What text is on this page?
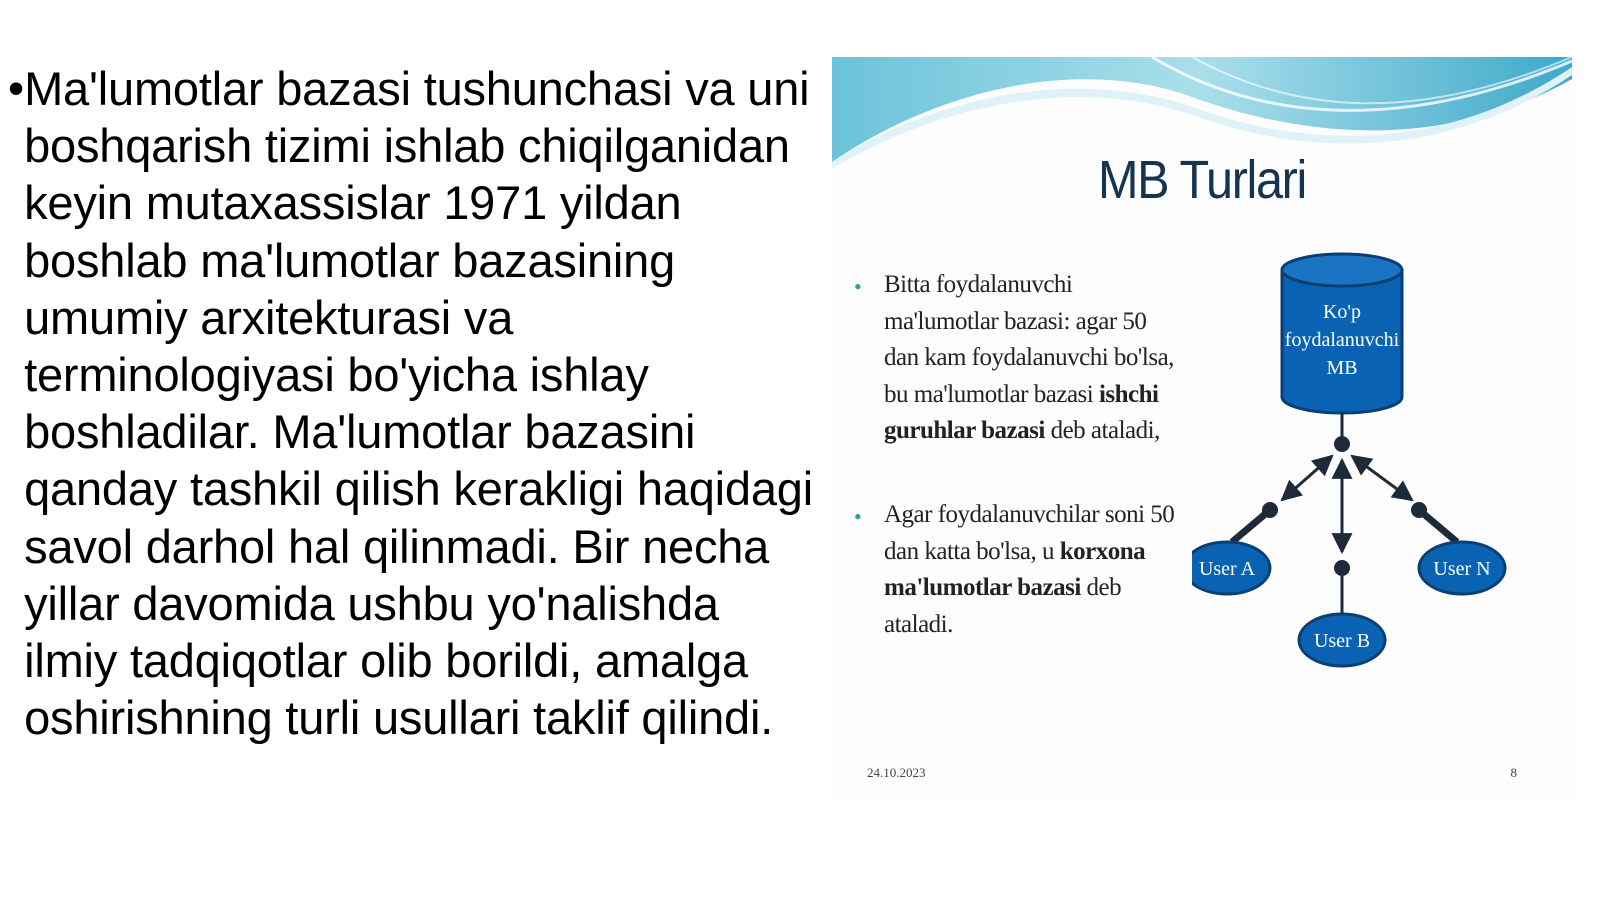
• Ma'lumotlar bazasi tushunchasi va uni boshqarish tizimi ishlab chiqilganidan keyin mutaxassislar 1971 yildan boshlab ma'lumotlar bazasining umumiy arxitekturasi va terminologiyasi bo'yicha ishlay boshladilar. Ma'lumotlar bazasini qanday tashkil qilish kerakligi haqidagi savol darhol hal qilinmadi. Bir necha yillar davomida ushbu yo'nalishda ilmiy tadqiqotlar olib borildi, amalga oshirishning turli usullari taklif qilindi.
MB Turlari
• Bitta foydalanuvchi ma'lumotlar bazasi: agar 50 dan kam foydalanuvchi bo'lsa, bu ma'lumotlar bazasi ishchi guruhlar bazasi deb ataladi,
• Agar foydalanuvchilar soni 50 dan katta bo'lsa, u korxona ma'lumotlar bazasi deb ataladi.
Ko'p
foydalanuvchi
MB
User A
User B
User N
24.10.2023	8
